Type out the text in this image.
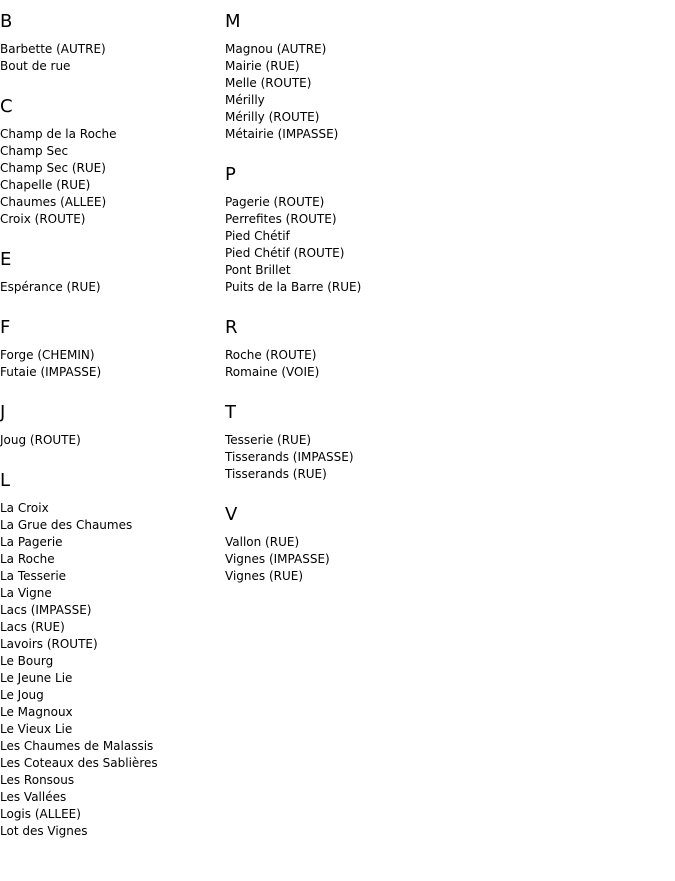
B
Barbette (AUTRE)
Bout de rue
C
Champ de la Roche
Champ Sec
Champ Sec (RUE)
Chapelle (RUE)
Chaumes (ALLEE)
Croix (ROUTE)
E
Espérance (RUE)
F
Forge (CHEMIN)
Futaie (IMPASSE)
J
Joug (ROUTE)
L
La Croix
La Grue des Chaumes
La Pagerie
La Roche
La Tesserie
La Vigne
Lacs (IMPASSE)
Lacs (RUE)
Lavoirs (ROUTE)
Le Bourg
Le Jeune Lie
Le Joug
Le Magnoux
Le Vieux Lie
Les Chaumes de Malassis
Les Coteaux des Sablières
Les Ronsous
Les Vallées
Logis (ALLEE)
Lot des Vignes
M
Magnou (AUTRE)
Mairie (RUE)
Melle (ROUTE)
Mérilly
Mérilly (ROUTE)
Métairie (IMPASSE)
P
Pagerie (ROUTE)
Perrefites (ROUTE)
Pied Chétif
Pied Chétif (ROUTE)
Pont Brillet
Puits de la Barre (RUE)
R
Roche (ROUTE)
Romaine (VOIE)
T
Tesserie (RUE)
Tisserands (IMPASSE)
Tisserands (RUE)
V
Vallon (RUE)
Vignes (IMPASSE)
Vignes (RUE)
